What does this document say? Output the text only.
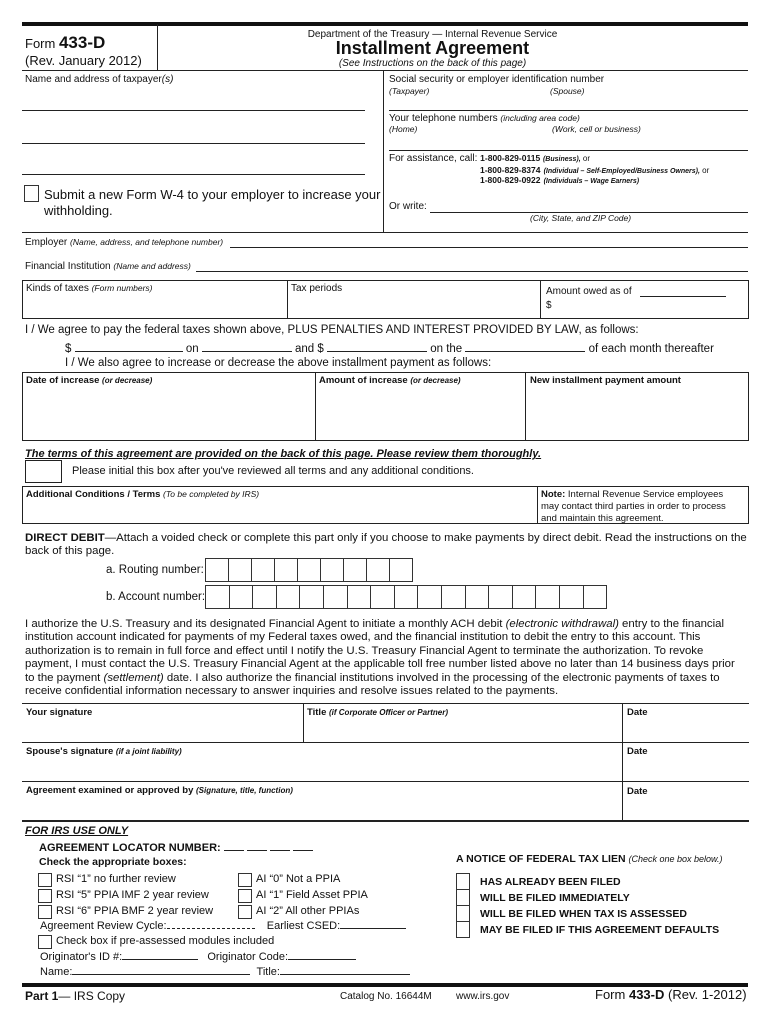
Form 433-D
(Rev. January 2012)
Department of the Treasury — Internal Revenue Service
Installment Agreement
(See Instructions on the back of this page)
Name and address of taxpayer(s)
Submit a new Form W-4 to your employer to increase your
withholding.
Social security or employer identification number
(Taxpayer)	(Spouse)
Your telephone numbers (including area code)
(Home)	(Work, cell or business)
For assistance, call: 1-800-829-0115 (Business), or
1-800-829-8374 (Individual – Self-Employed/Business Owners), or
1-800-829-0922 (Individuals – Wage Earners)
Or write:
(City, State, and ZIP Code)
Employer (Name, address, and telephone number)
Financial Institution (Name and address)
Kinds of taxes (Form numbers)	Tax periods	Amount owed as of
$
I / We agree to pay the federal taxes shown above, PLUS PENALTIES AND INTEREST PROVIDED BY LAW, as follows:
$	on	and $	on the	of each month thereafter
I / We also agree to increase or decrease the above installment payment as follows:
Date of increase (or decrease)	Amount of increase (or decrease)	New installment payment amount
The terms of this agreement are provided on the back of this page. Please review them thoroughly.
Please initial this box after you've reviewed all terms and any additional conditions.
Additional Conditions / Terms (To be completed by IRS)	Note: Internal Revenue Service employees
may contact third parties in order to process
and maintain this agreement.
DIRECT DEBIT—Attach a voided check or complete this part only if you choose to make payments by direct debit. Read the instructions on the back of this page.
a. Routing number:
b. Account number:
I authorize the U.S. Treasury and its designated Financial Agent to initiate a monthly ACH debit (electronic withdrawal) entry to the financial institution account indicated for payments of my Federal taxes owed, and the financial institution to debit the entry to this account. This authorization is to remain in full force and effect until I notify the U.S. Treasury Financial Agent to terminate the authorization. To revoke payment, I must contact the U.S. Treasury Financial Agent at the applicable toll free number listed above no later than 14 business days prior to the payment (settlement) date. I also authorize the financial institutions involved in the processing of the electronic payments of taxes to receive confidential information necessary to answer inquiries and resolve issues related to the payments.
Your signature	Title (if Corporate Officer or Partner)	Date
Spouse's signature (if a joint liability)	Date
Agreement examined or approved by (Signature, title, function)	Date
FOR IRS USE ONLY
AGREEMENT LOCATOR NUMBER:
Check the appropriate boxes:
RSI “1” no further review
RSI “5” PPIA IMF 2 year review
RSI “6” PPIA BMF 2 year review
AI “0” Not a PPIA
AI “1” Field Asset PPIA
AI “2” All other PPIAs
Agreement Review Cycle:	Earliest CSED:
Check box if pre-assessed modules included
Originator's ID #:	Originator Code:
Name:	Title:
A NOTICE OF FEDERAL TAX LIEN (Check one box below.)
HAS ALREADY BEEN FILED
WILL BE FILED IMMEDIATELY
WILL BE FILED WHEN TAX IS ASSESSED
MAY BE FILED IF THIS AGREEMENT DEFAULTS
Part 1— IRS Copy	Catalog No. 16644M www.irs.gov	Form 433-D (Rev. 1-2012)
